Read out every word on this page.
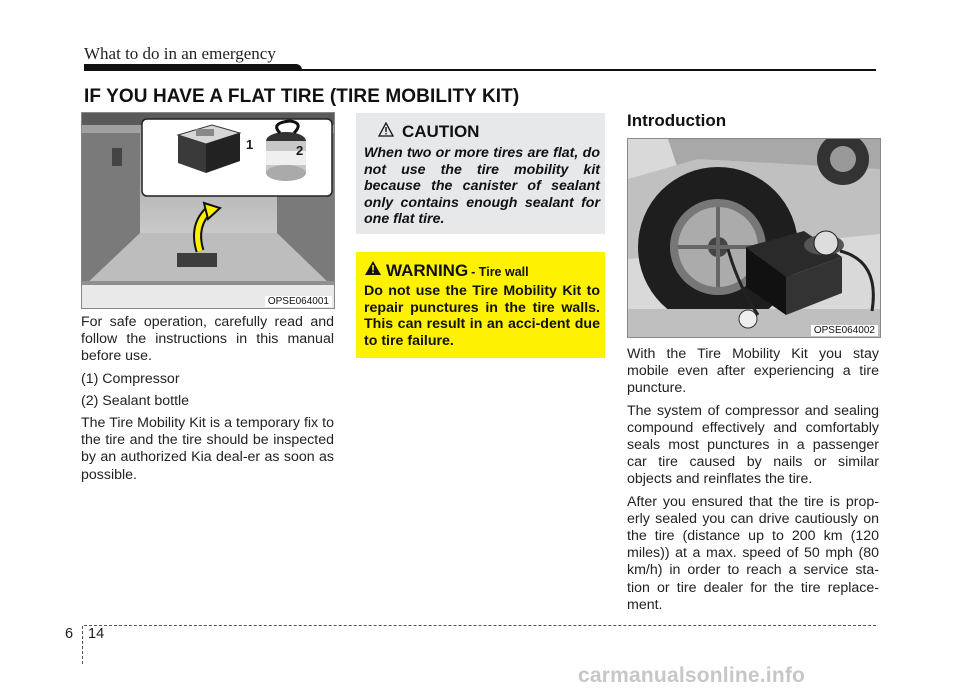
What to do in an emergency
IF YOU HAVE A FLAT TIRE (TIRE MOBILITY KIT)
1	2
OPSE064001

For safe operation, carefully read and follow the instructions in this manual before use.

(1) Compressor

(2) Sealant bottle

The Tire Mobility Kit is a temporary fix to the tire and the tire should be inspected by an authorized Kia deal-er as soon as possible.

CAUTION
When two or more tires are flat, do not use the tire mobility kit because the canister of sealant only contains enough sealant for one flat tire.
WARNING - Tire wall
Do not use the Tire Mobility Kit to repair punctures in the tire walls. This can result in an acci-dent due to tire failure.
Introduction
OPSE064002

With the Tire Mobility Kit you stay mobile even after experiencing a tire puncture.

The system of compressor and sealing compound effectively and comfortably seals most punctures in a passenger car tire caused by nails or similar objects and reinflates the tire.

After you ensured that the tire is prop-erly sealed you can drive cautiously on the tire (distance up to 200 km (120 miles)) at a max. speed of 50 mph (80 km/h) in order to reach a service sta-tion or tire dealer for the tire replace-ment.

6 14
carmanualsonline.info
